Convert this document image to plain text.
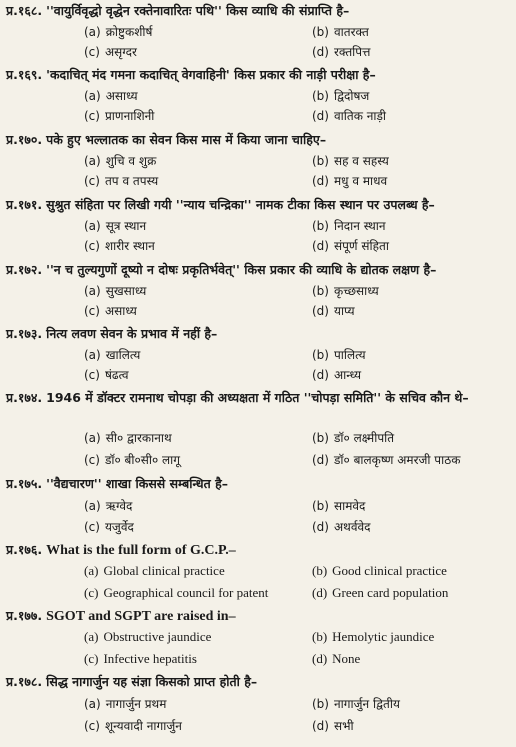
प्र.१६८. ''वायुर्विवृद्धो वृद्धेन रक्तेनावारितः पथि'' किस व्याधि की संप्राप्ति है–
(a) क्रोष्टुकशीर्ष	(b) वातरक्त
(c) असृग्दर	(d) रक्तपित्त
प्र.१६९. 'कदाचित् मंद गमना कदाचित् वेगवाहिनी' किस प्रकार की नाड़ी परीक्षा है–
(a) असाध्य	(b) द्विदोषज
(c) प्राणनाशिनी	(d) वातिक नाड़ी
प्र.१७०. पके हुए भल्लातक का सेवन किस मास में किया जाना चाहिए–
(a) शुचि व शुक्र	(b) सह व सहस्य
(c) तप व तपस्य	(d) मधु व माधव
प्र.१७१. सुश्रुत संहिता पर लिखी गयी ''न्याय चन्द्रिका'' नामक टीका किस स्थान पर उपलब्ध है–
(a) सूत्र स्थान	(b) निदान स्थान
(c) शारीर स्थान	(d) संपूर्ण संहिता
प्र.१७२. ''न च तुल्यगुणों दूष्यो न दोषः प्रकृतिर्भवेत्'' किस प्रकार की व्याधि के द्योतक लक्षण है–
(a) सुखसाध्य	(b) कृच्छसाध्य
(c) असाध्य	(d) याप्य
प्र.१७३. नित्य लवण सेवन के प्रभाव में नहीं है–
(a) खालित्य	(b) पालित्य
(c) षंढत्व	(d) आन्ध्य
प्र.१७४. 1946 में डॉक्टर रामनाथ चोपड़ा की अध्यक्षता में गठित ''चोपड़ा समिति'' के सचिव कौन थे–
(a) सी० द्वारकानाथ	(b) डॉ० लक्ष्मीपति
(c) डॉ० बी०सी० लागू	(d) डॉ० बालकृष्ण अमरजी पाठक
प्र.१७५. ''वैद्यचारण'' शाखा किससे सम्बन्धित है–
(a) ऋग्वेद	(b) सामवेद
(c) यजुर्वेद	(d) अथर्ववेद
प्र.१७६. What is the full form of G.C.P.–
(a) Global clinical practice	(b) Good clinical practice
(c) Geographical council for patent	(d) Green card population
प्र.१७७. SGOT and SGPT are raised in–
(a) Obstructive jaundice	(b) Hemolytic jaundice
(c) Infective hepatitis	(d) None
प्र.१७८. सिद्ध नागार्जुन यह संज्ञा किसको प्राप्त होती है–
(a) नागार्जुन प्रथम	(b) नागार्जुन द्वितीय
(c) शून्यवादी नागार्जुन	(d) सभी
